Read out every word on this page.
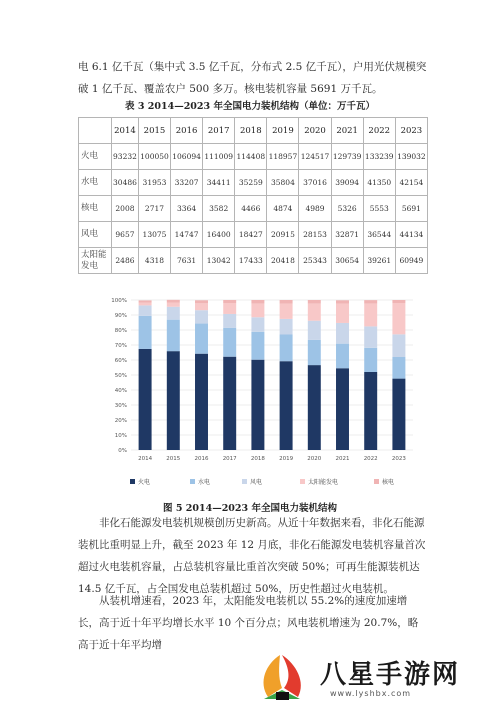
电 6.1 亿千瓦（集中式 3.5 亿千瓦，分布式 2.5 亿千瓦），户用光伏规模突破 1 亿千瓦、覆盖农户 500 多万。核电装机容量 5691 万千瓦。
表 3 2014—2023 年全国电力装机结构（单位：万千瓦）
	2014	2015	2016	2017	2018	2019	2020	2021	2022	2023
火电	93232	100050	106094	111009	114408	118957	124517	129739	133239	139032
水电	30486	31953	33207	34411	35259	35804	37016	39094	41350	42154
核电	2008	2717	3364	3582	4466	4874	4989	5326	5553	5691
风电	9657	13075	14747	16400	18427	20915	28153	32871	36544	44134
太阳能发电	2486	4318	7631	13042	17433	20418	25343	30654	39261	60949
0%
10%
20%
30%
40%
50%
60%
70%
80%
90%
100%
2014	2015	2016	2017	2018	2019	2020	2021	2022	2023
火电	水电	风电	太阳能发电	核电
图 5 2014—2023 年全国电力装机结构
非化石能源发电装机规模创历史新高。从近十年数据来看，非化石能源装机比重明显上升，截至 2023 年 12 月底，非化石能源发电装机容量首次超过火电装机容量，占总装机容量比重首次突破 50%；可再生能源装机达 14.5 亿千瓦，占全国发电总装机超过 50%，历史性超过火电装机。
从装机增速看，2023 年，太阳能发电装机以 55.2%的速度加速增长，高于近十年平均增长水平 10 个百分点；风电装机增速为 20.7%，略高于近十年平均增
八星手游网
www.lyshbx.com
